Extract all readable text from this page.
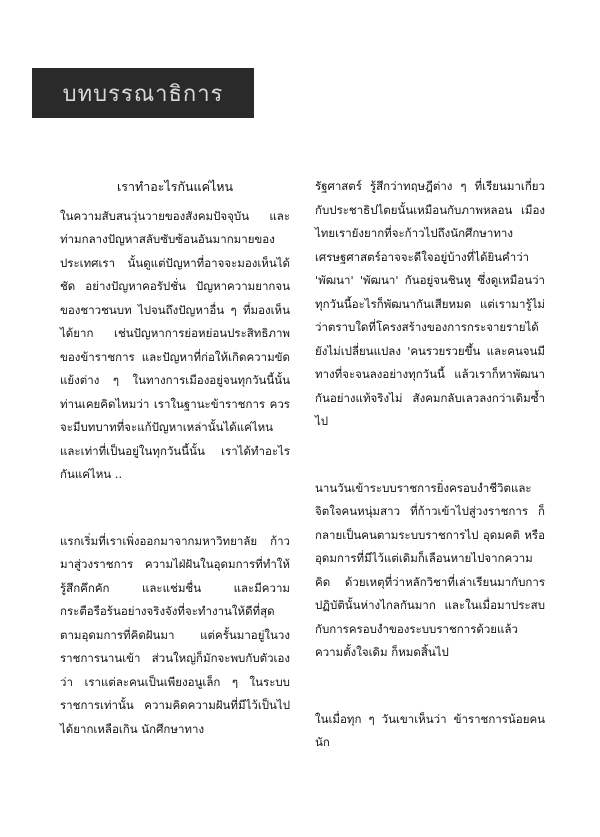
บทบรรณาธิการ

เราทำอะไรกันแค่ไหน

ในความสับสนวุ่นวายของสังคมปัจจุบัน และท่ามกลางปัญหาสลับซับซ้อนอันมากมายของประเทศเรา นั้นดูแต่ปัญหาที่อาจจะมองเห็นได้ชัด อย่างปัญหาคอรัปชั่น ปัญหาความยากจนของชาวชนบท ไปจนถึงปัญหาอื่น ๆ ที่มองเห็นได้ยาก เช่นปัญหาการย่อหย่อนประสิทธิภาพของข้าราชการ และปัญหาที่ก่อให้เกิดความขัดแย้งต่าง ๆ ในทางการเมืองอยู่จนทุกวันนี้นั้น ท่านเคยคิดไหมว่า เราในฐานะข้าราชการ ควรจะมีบทบาทที่จะแก้ปัญหาเหล่านั้นได้แค่ไหน และเท่าที่เป็นอยู่ในทุกวันนี้นั้น เราได้ทำอะไรกันแค่ไหน ..

แรกเริ่มที่เราเพิ่งออกมาจากมหาวิทยาลัย ก้าวมาสู่วงราชการ ความไฝ่ฝันในอุดมการที่ทำให้รู้สึกคึกคัก และแช่มชื่น และมีความกระตือรือร้นอย่างจริงจังที่จะทำงานให้ดีที่สุด ตามอุดมการที่คิดฝันมา แต่ครั้นมาอยู่ในวงราชการนานเข้า ส่วนใหญ่ก็มักจะพบกับตัวเองว่า เราแต่ละคนเป็นเพียงอนูเล็ก ๆ ในระบบราชการเท่านั้น ความคิดความฝันที่มีไว้เป็นไปได้ยากเหลือเกิน นักศึกษาทาง

รัฐศาสตร์ รู้สึกว่าทฤษฎีต่าง ๆ ที่เรียนมาเกี่ยวกับประชาธิปไตยนั้นเหมือนกับภาพหลอน เมืองไทยเรายังยากที่จะก้าวไปถึงนักศึกษาทางเศรษฐศาสตร์อาจจะดีใจอยู่บ้างที่ได้ยินคำว่า 'พัฒนา' 'พัฒนา' กันอยู่จนชินหู ซึ่งดูเหมือนว่าทุกวันนี้อะไรก็พัฒนากันเสียหมด แต่เรามารู้ไม่ว่าตราบใดที่โครงสร้างของการกระจายรายได้ยังไม่เปลี่ยนแปลง 'คนรวยรวยขึ้น และคนจนมีทางที่จะจนลงอย่างทุกวันนี้ แล้วเราก็หาพัฒนากันอย่างแท้จริงไม่ สังคมกลับเลวลงกว่าเดิมซ้ำไป

นานวันเข้าระบบราชการยิ่งครอบงำชีวิตและจิตใจคนหนุ่มสาว ที่ก้าวเข้าไปสู่วงราชการ ก็กลายเป็นคนตามระบบราชการไป อุดมคติ หรืออุดมการที่มีไว้แต่เดิมก็เลือนหายไปจากความคิด ด้วยเหตุที่ว่าหลักวิชาที่เล่าเรียนมากับการปฏิบัตินั้นห่างไกลกันมาก และในเมื่อมาประสบกับการครอบงำของระบบราชการด้วยแล้วความตั้งใจเดิม ก็หมดสิ้นไป

ในเมื่อทุก ๆ วันเขาเห็นว่า ข้าราชการน้อยคนนัก
